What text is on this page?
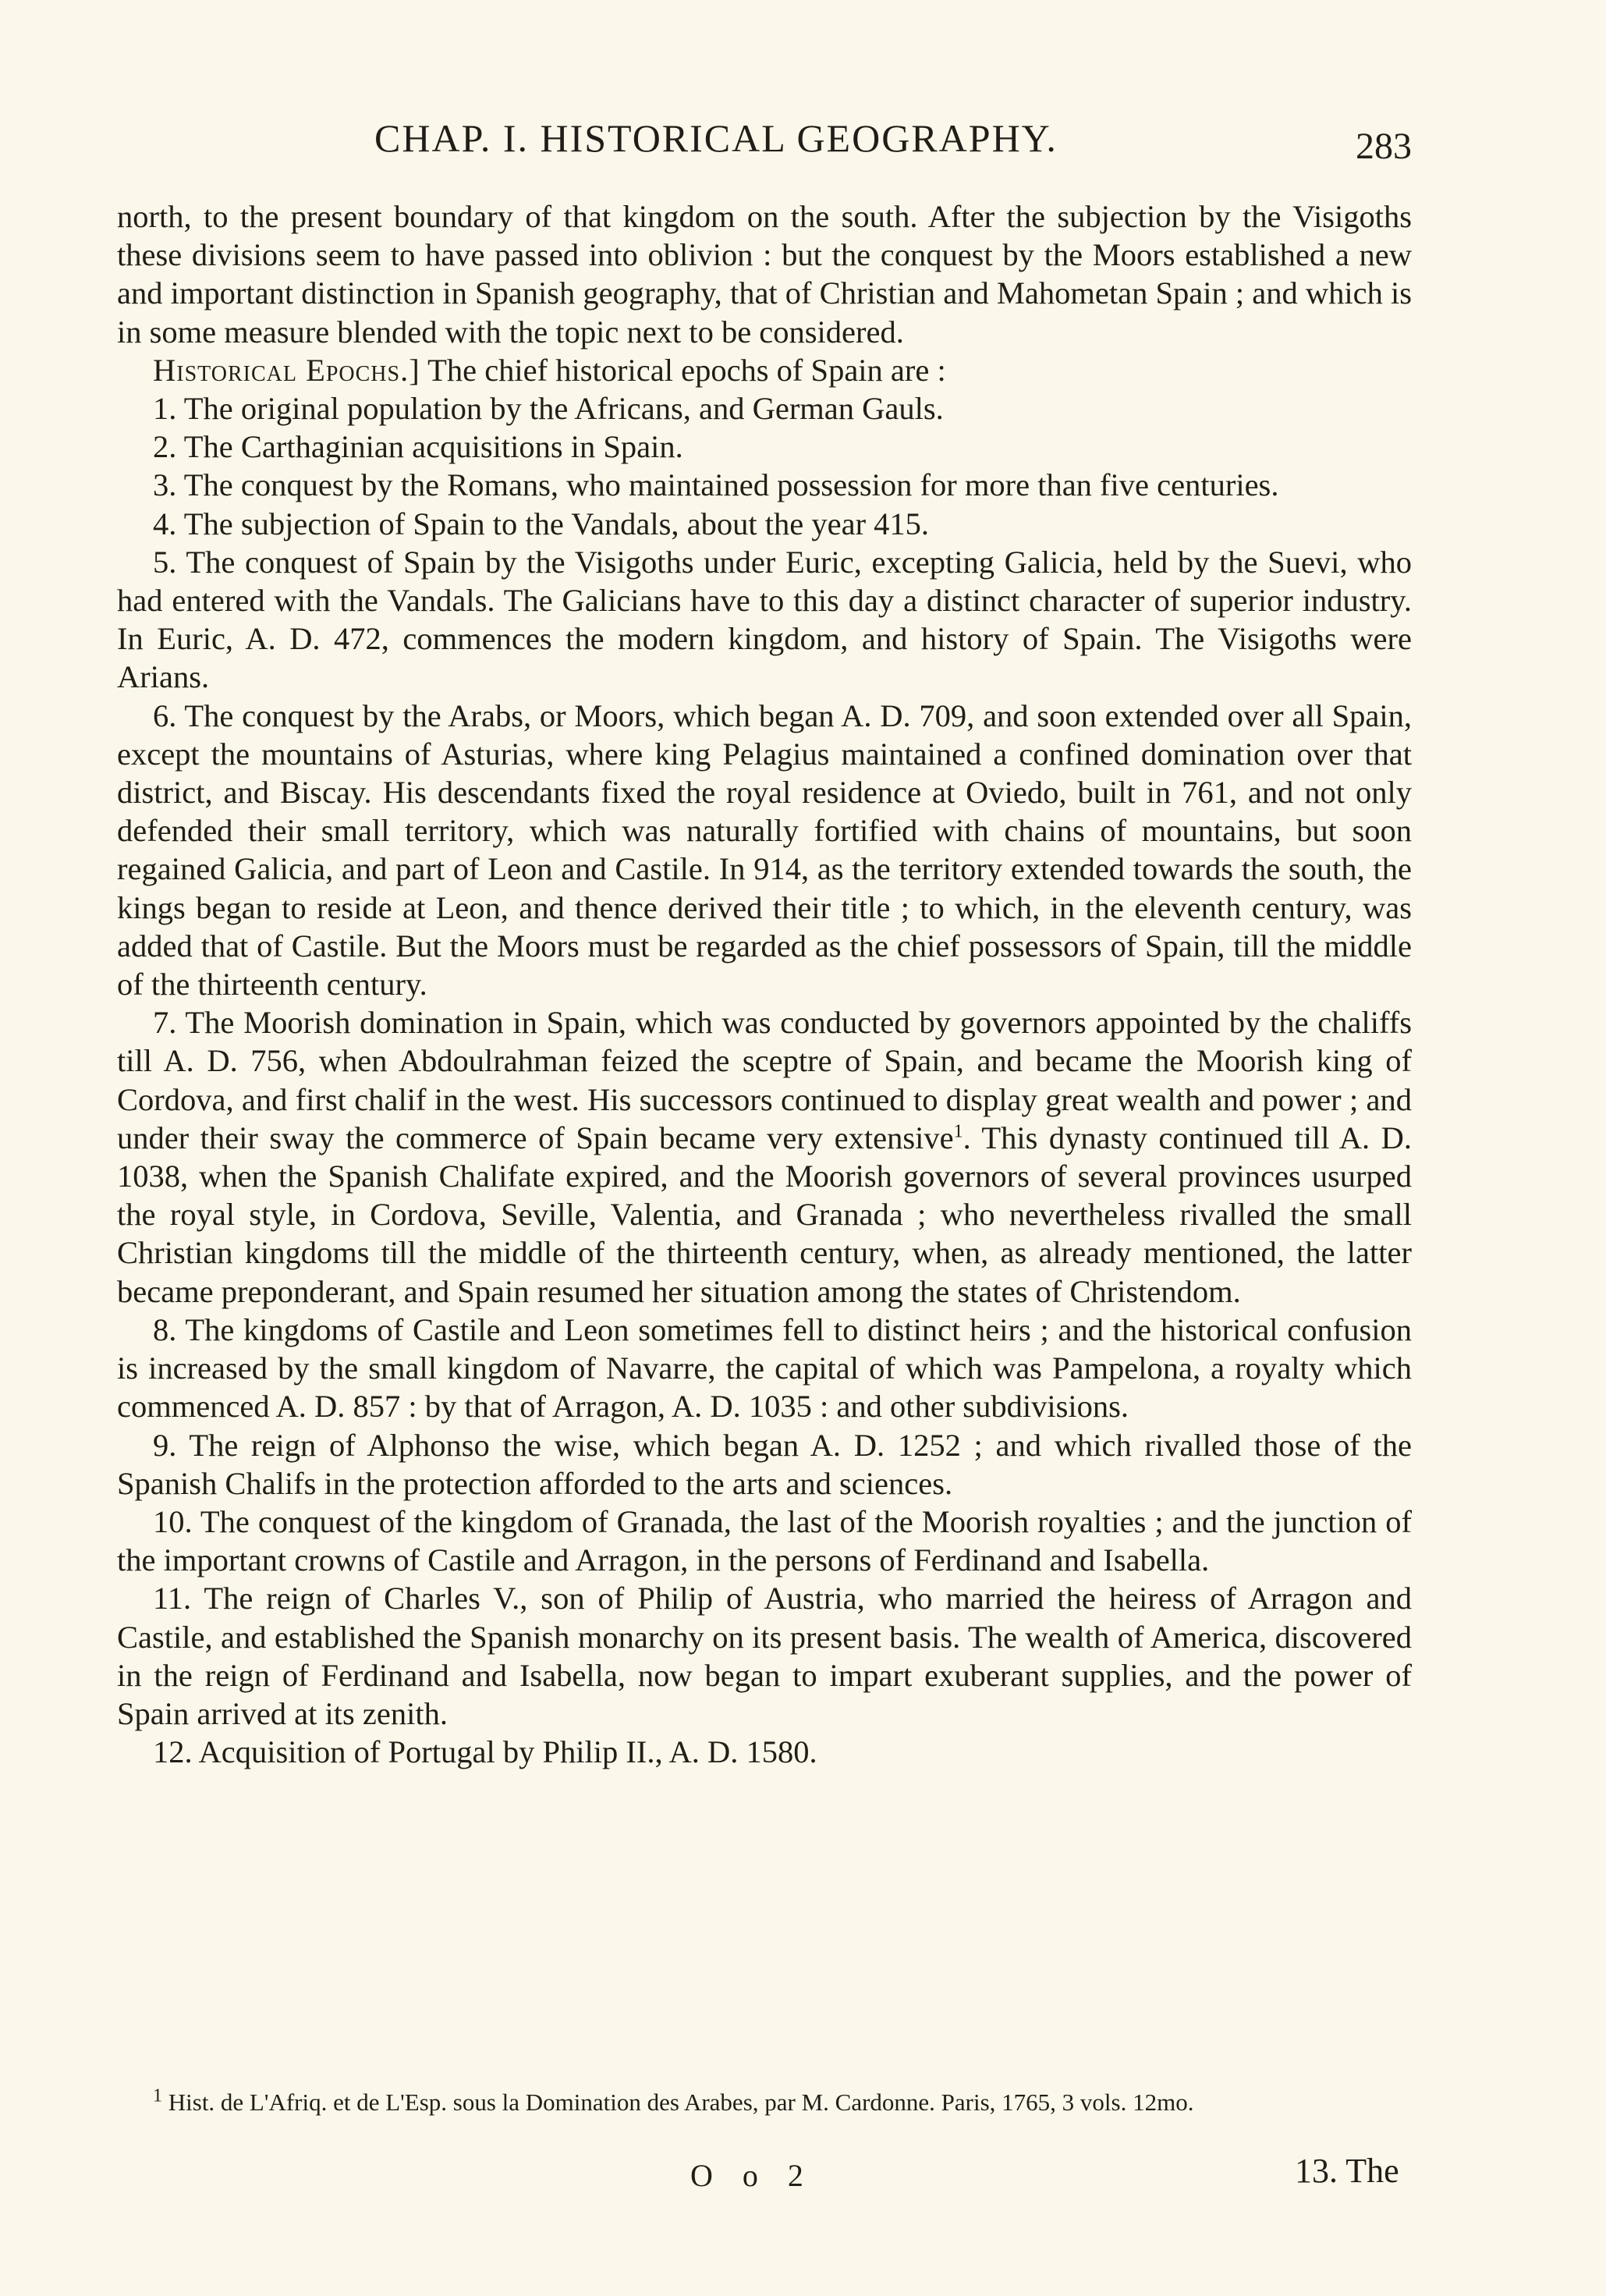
CHAP. I. HISTORICAL GEOGRAPHY.	283

north, to the present boundary of that kingdom on the south. After the subjection by the Visigoths these divisions seem to have passed into oblivion : but the conquest by the Moors established a new and important distinction in Spanish geography, that of Christian and Mahometan Spain ; and which is in some measure blended with the topic next to be considered.

Historical Epochs.] The chief historical epochs of Spain are :

1. The original population by the Africans, and German Gauls.

2. The Carthaginian acquisitions in Spain.

3. The conquest by the Romans, who maintained possession for more than five centuries.

4. The subjection of Spain to the Vandals, about the year 415.

5. The conquest of Spain by the Visigoths under Euric, excepting Galicia, held by the Suevi, who had entered with the Vandals. The Galicians have to this day a distinct character of superior industry. In Euric, A. D. 472, commences the modern kingdom, and history of Spain. The Visigoths were Arians.

6. The conquest by the Arabs, or Moors, which began A. D. 709, and soon extended over all Spain, except the mountains of Asturias, where king Pelagius maintained a confined domination over that district, and Biscay. His descendants fixed the royal residence at Oviedo, built in 761, and not only defended their small territory, which was naturally fortified with chains of mountains, but soon regained Galicia, and part of Leon and Castile. In 914, as the territory extended towards the south, the kings began to reside at Leon, and thence derived their title ; to which, in the eleventh century, was added that of Castile. But the Moors must be regarded as the chief possessors of Spain, till the middle of the thirteenth century.

7. The Moorish domination in Spain, which was conducted by governors appointed by the chaliffs till A. D. 756, when Abdoulrahman feized the sceptre of Spain, and became the Moorish king of Cordova, and first chalif in the west. His successors continued to display great wealth and power ; and under their sway the commerce of Spain became very extensive$^1$. This dynasty continued till A. D. 1038, when the Spanish Chalifate expired, and the Moorish governors of several provinces usurped the royal style, in Cordova, Seville, Valentia, and Granada ; who nevertheless rivalled the small Christian kingdoms till the middle of the thirteenth century, when, as already mentioned, the latter became preponderant, and Spain resumed her situation among the states of Christendom.

8. The kingdoms of Castile and Leon sometimes fell to distinct heirs ; and the historical confusion is increased by the small kingdom of Navarre, the capital of which was Pampelona, a royalty which commenced A. D. 857 : by that of Arragon, A. D. 1035 : and other subdivisions.

9. The reign of Alphonso the wise, which began A. D. 1252 ; and which rivalled those of the Spanish Chalifs in the protection afforded to the arts and sciences.

10. The conquest of the kingdom of Granada, the last of the Moorish royalties ; and the junction of the important crowns of Castile and Arragon, in the persons of Ferdinand and Isabella.

11. The reign of Charles V., son of Philip of Austria, who married the heiress of Arragon and Castile, and established the Spanish monarchy on its present basis. The wealth of America, discovered in the reign of Ferdinand and Isabella, now began to impart exuberant supplies, and the power of Spain arrived at its zenith.

12. Acquisition of Portugal by Philip II., A. D. 1580.

$^1$ Hist. de L'Afriq. et de L'Esp. sous la Domination des Arabes, par M. Cardonne. Paris, 1765, 3 vols. 12mo.

O o 2	13. The
